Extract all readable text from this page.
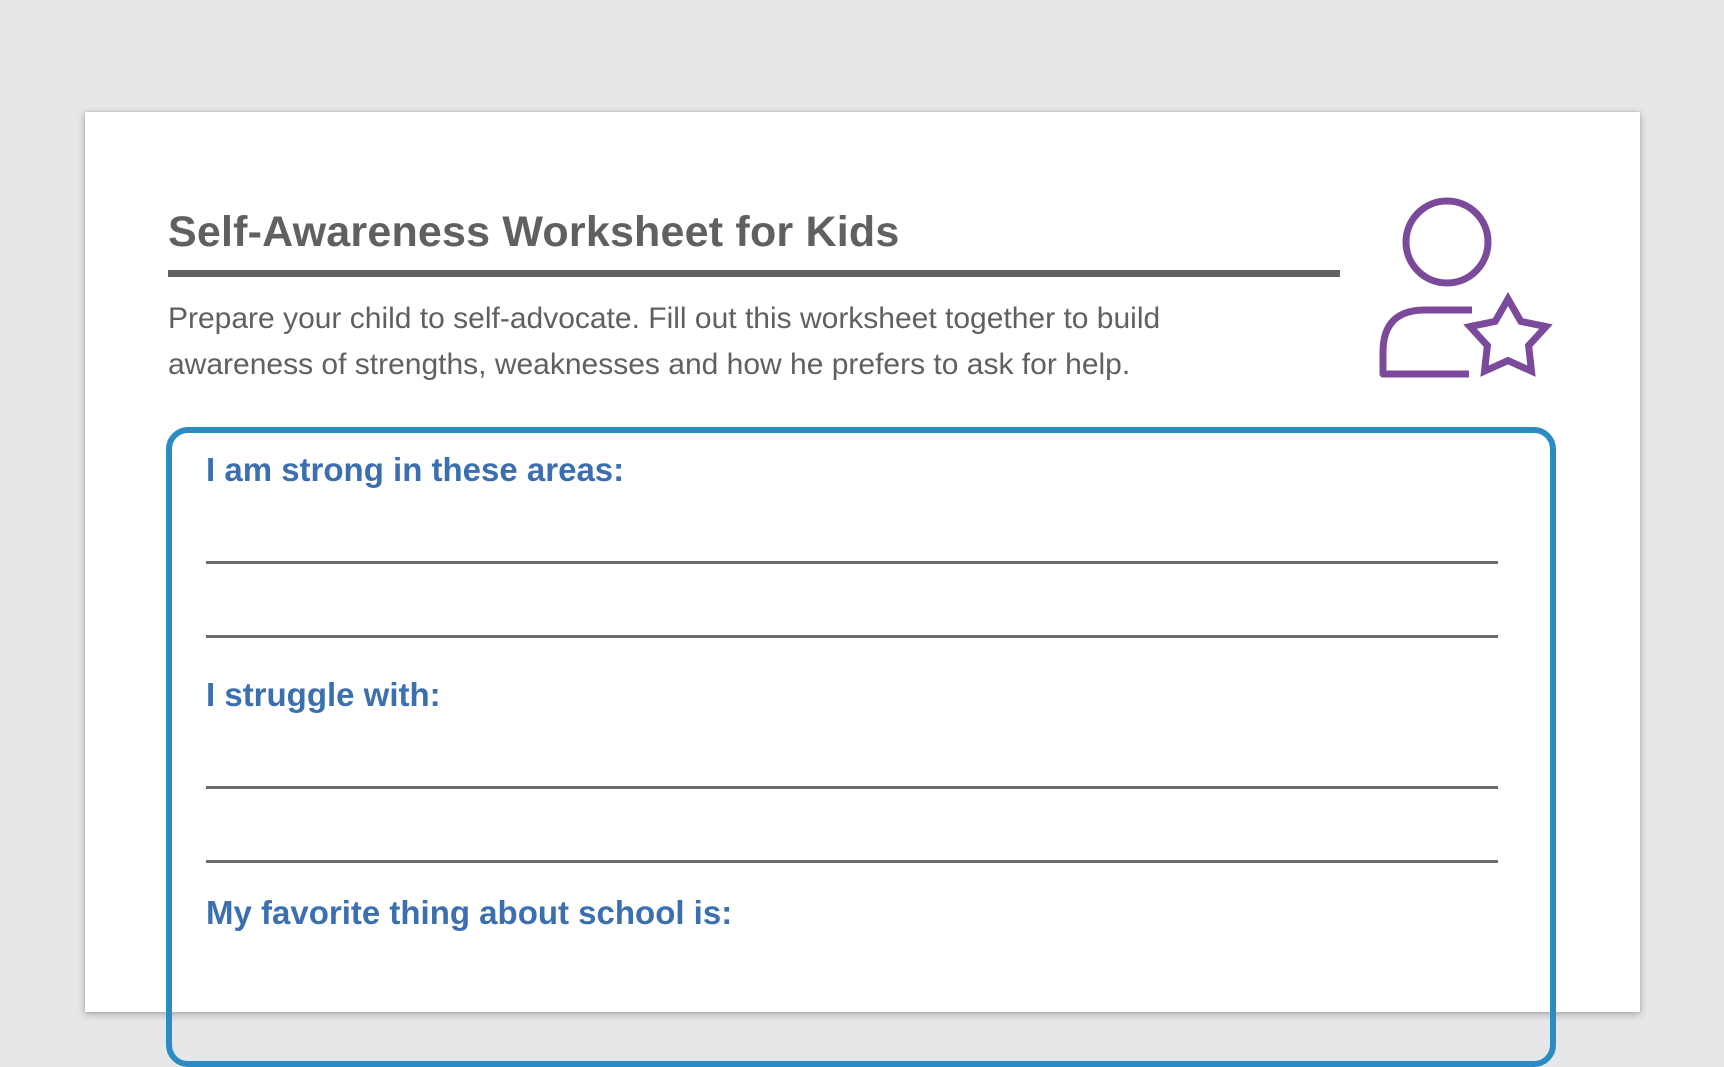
Self-Awareness Worksheet for Kids

Prepare your child to self-advocate. Fill out this worksheet together to build
awareness of strengths, weaknesses and how he prefers to ask for help.

I am strong in these areas:
I struggle with:
My favorite thing about school is:
